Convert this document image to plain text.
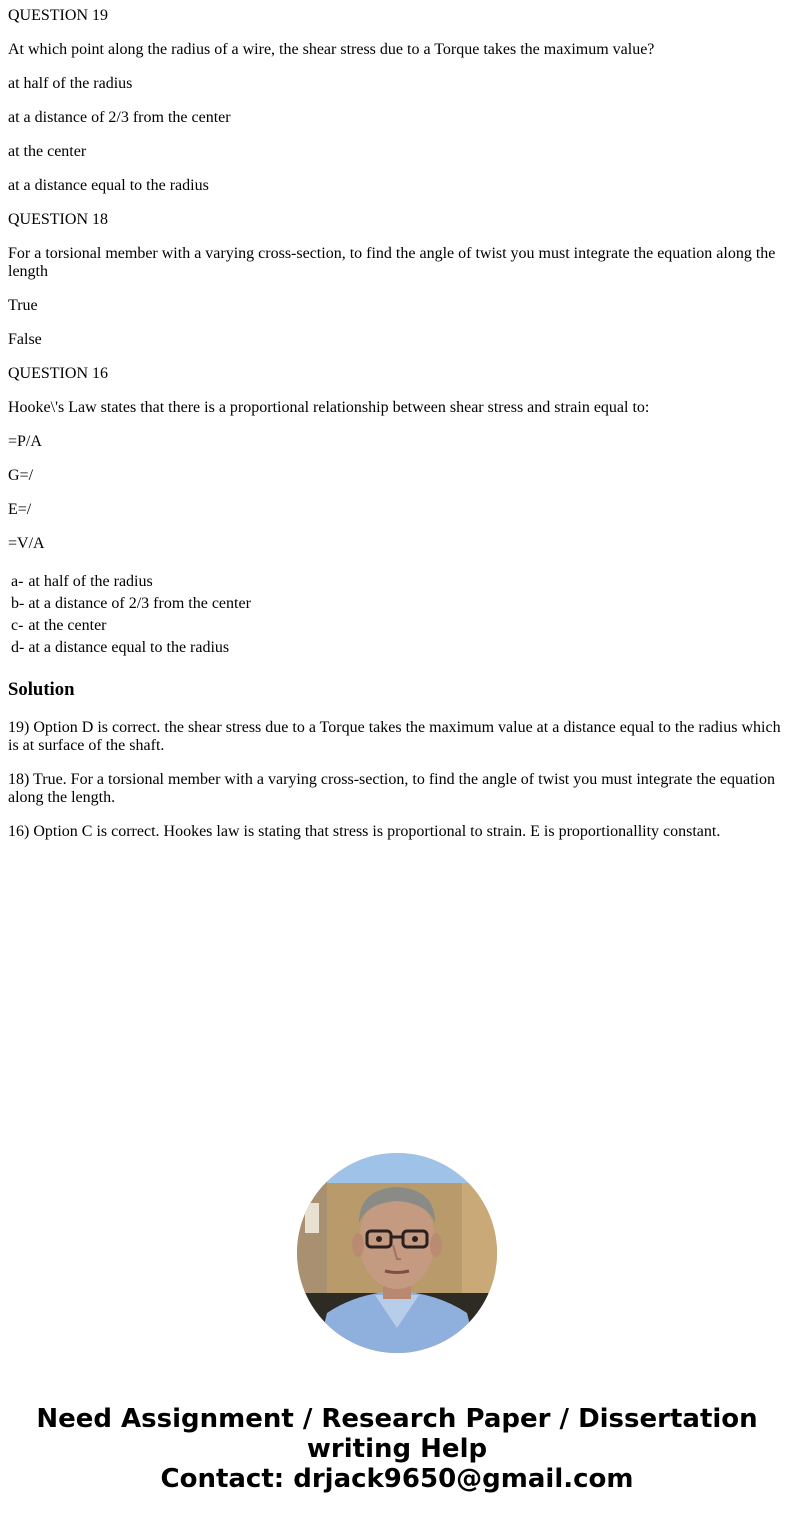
QUESTION 19

At which point along the radius of a wire, the shear stress due to a Torque takes the maximum value?

at half of the radius

at a distance of 2/3 from the center

at the center

at a distance equal to the radius

QUESTION 18

For a torsional member with a varying cross-section, to find the angle of twist you must integrate the equation along the length

True

False

QUESTION 16

Hooke\'s Law states that there is a proportional relationship between shear stress and strain equal to:

=P/A

G=/

E=/

=V/A

a-	at half of the radius
b-	at a distance of 2/3 from the center
c-	at the center
d-	at a distance equal to the radius
Solution

19) Option D is correct. the shear stress due to a Torque takes the maximum value at a distance equal to the radius which is at surface of the shaft.

18) True. For a torsional member with a varying cross-section, to find the angle of twist you must integrate the equation along the length.

16) Option C is correct. Hookes law is stating that stress is proportional to strain. E is proportionallity constant.

Need Assignment / Research Paper / Dissertation
writing Help
Contact: drjack9650@gmail.com
